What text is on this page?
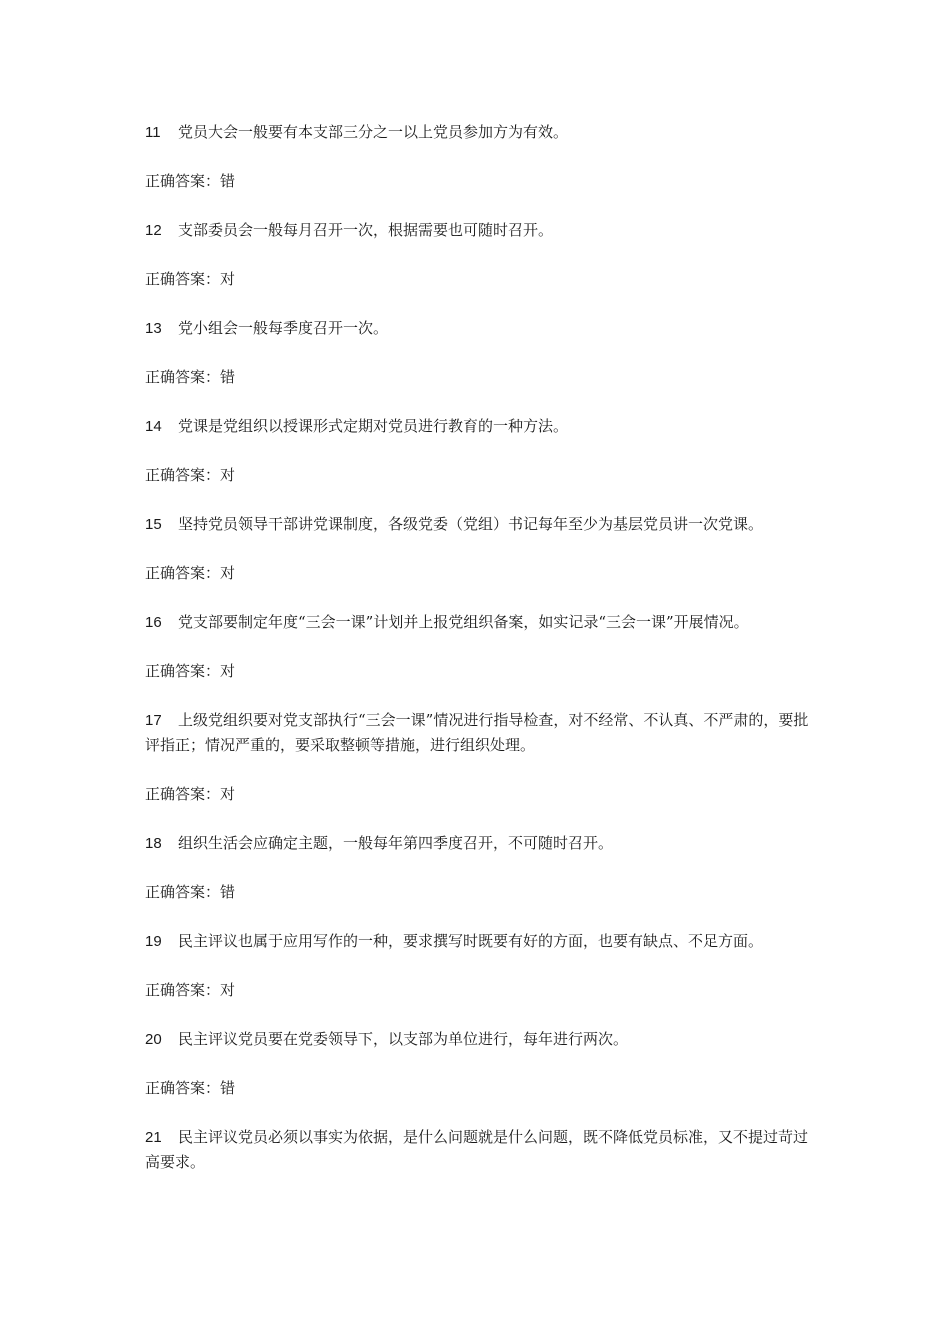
11 党员大会一般要有本支部三分之一以上党员参加方为有效。

正确答案：错

12 支部委员会一般每月召开一次，根据需要也可随时召开。

正确答案：对

13 党小组会一般每季度召开一次。

正确答案：错

14 党课是党组织以授课形式定期对党员进行教育的一种方法。

正确答案：对

15 坚持党员领导干部讲党课制度，各级党委（党组）书记每年至少为基层党员讲一次党课。

正确答案：对

16 党支部要制定年度“三会一课”计划并上报党组织备案，如实记录“三会一课”开展情况。

正确答案：对

17 上级党组织要对党支部执行“三会一课”情况进行指导检查，对不经常、不认真、不严肃的，要批评指正；情况严重的，要采取整顿等措施，进行组织处理。

正确答案：对

18 组织生活会应确定主题，一般每年第四季度召开，不可随时召开。

正确答案：错

19 民主评议也属于应用写作的一种，要求撰写时既要有好的方面，也要有缺点、不足方面。

正确答案：对

20 民主评议党员要在党委领导下，以支部为单位进行，每年进行两次。

正确答案：错

21 民主评议党员必须以事实为依据，是什么问题就是什么问题，既不降低党员标准，又不提过苛过高要求。
